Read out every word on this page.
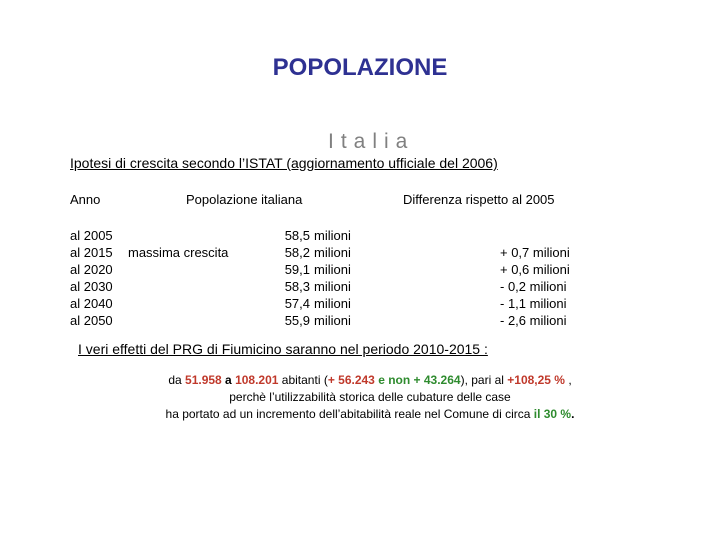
POPOLAZIONE
Italia
Ipotesi di crescita secondo l’ISTAT (aggiornamento ufficiale del 2006)
Anno	Popolazione italiana	Differenza rispetto al 2005
al 2005
al 2015
al 2020
al 2030
al 2040
al 2050
massima crescita
58,5
58,2
59,1
58,3
57,4
55,9
milioni
milioni
milioni
milioni
milioni
milioni
+ 0,7 milioni
+ 0,6 milioni
- 0,2 milioni
- 1,1 milioni
- 2,6 milioni
I veri effetti del PRG di Fiumicino saranno nel periodo 2010-2015 :
da 51.958 a 108.201 abitanti (+ 56.243 e non + 43.264), pari al +108,25 % ,
perchè l’utilizzabilità storica delle cubature delle case
ha portato ad un incremento dell’abitabilità reale nel Comune di circa il 30 %.
